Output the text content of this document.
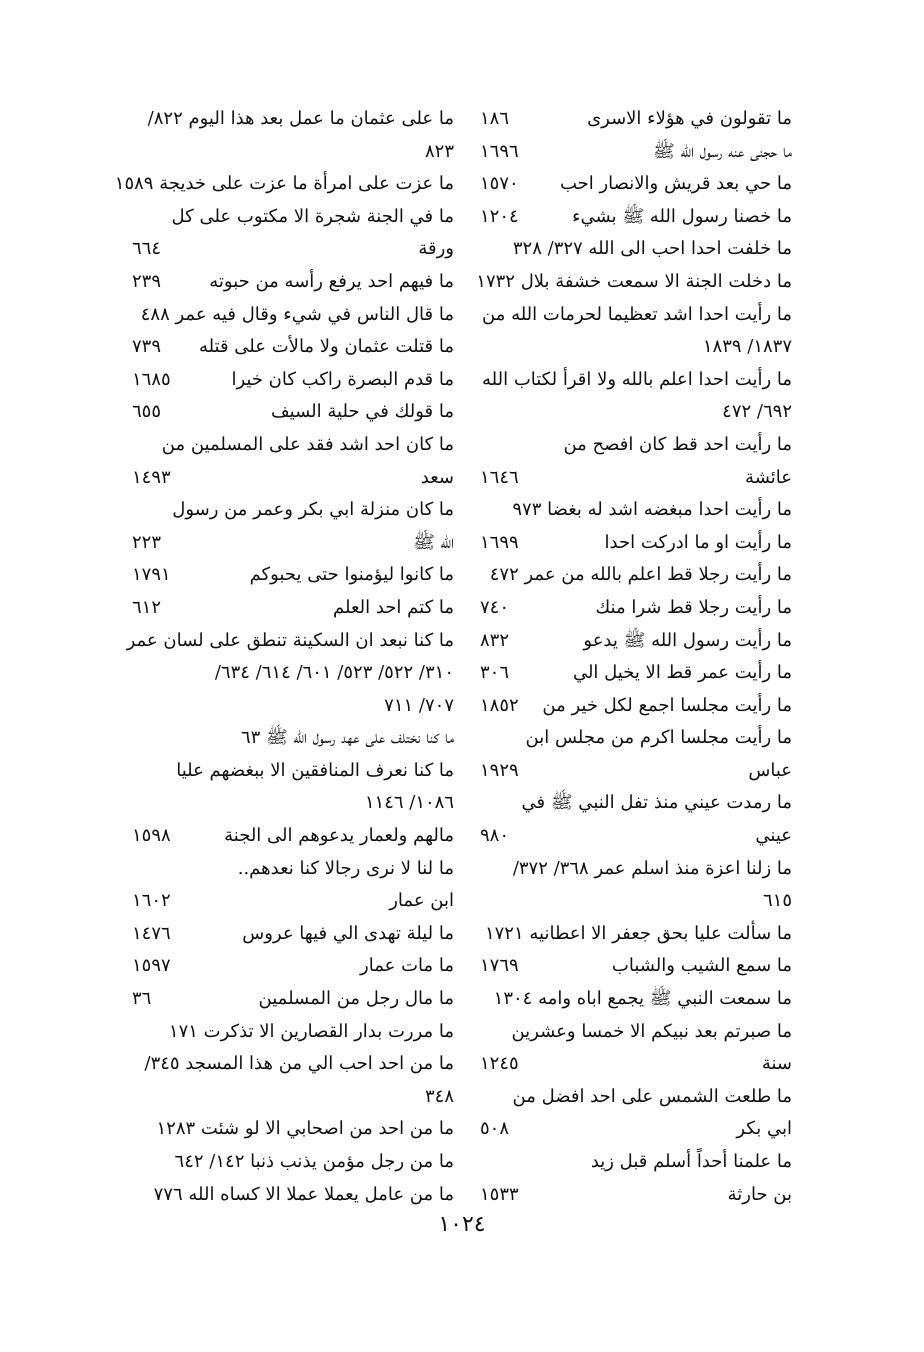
ما تقولون في هؤلاء الاسرى
١٨٦
ما حجنى عنه رسول الله ﷺ
١٦٩٦
ما حي بعد قريش والانصار احب
١٥٧٠
ما خصنا رسول الله ﷺ بشيء
١٢٠٤
ما خلفت احدا احب الى الله ٣٢٧/ ٣٢٨
ما دخلت الجنة الا سمعت خشفة بلال ١٧٣٢
ما رأيت احدا اشد تعظيما لحرمات الله من
١٨٣٧/ ١٨٣٩
ما رأيت احدا اعلم بالله ولا اقرأ لكتاب الله
٦٩٢/ ٤٧٢
ما رأيت احد قط كان افصح من
عائشة
١٦٤٦
ما رأيت احدا مبغضه اشد له بغضا ٩٧٣
ما رأيت او ما ادركت احدا
١٦٩٩
ما رأيت رجلا قط اعلم بالله من عمر ٤٧٢
ما رأيت رجلا قط شرا منك
٧٤٠
ما رأيت رسول الله ﷺ يدعو
٨٣٢
ما رأيت عمر قط الا يخيل الي
٣٠٦
ما رأيت مجلسا اجمع لكل خير من
١٨٥٢
ما رأيت مجلسا اكرم من مجلس ابن
عباس
١٩٢٩
ما رمدت عيني منذ تفل النبي ﷺ في
عيني
٩٨٠
ما زلنا اعزة منذ اسلم عمر ٣٦٨/ ٣٧٢/
٦١٥
ما سألت عليا بحق جعفر الا اعطانيه ١٧٢١
ما سمع الشيب والشباب
١٧٦٩
ما سمعت النبي ﷺ يجمع اباه وامه ١٣٠٤
ما صبرتم بعد نبيكم الا خمسا وعشرين
سنة
١٢٤٥
ما طلعت الشمس على احد افضل من
ابي بكر
٥٠٨
ما علمنا أحداً أسلم قبل زيد
بن حارثة
١٥٣٣
ما على عثمان ما عمل بعد هذا اليوم ٨٢٢/
٨٢٣
ما عزت على امرأة ما عزت على خديجة ١٥٨٩
ما في الجنة شجرة الا مكتوب على كل
ورقة
٦٦٤
ما فيهم احد يرفع رأسه من حبوته
٢٣٩
ما قال الناس في شيء وقال فيه عمر ٤٨٨
ما قتلت عثمان ولا مالأت على قتله
٧٣٩
ما قدم البصرة راكب كان خيرا
١٦٨٥
ما قولك في حلية السيف
٦٥٥
ما كان احد اشد فقد على المسلمين من
سعد
١٤٩٣
ما كان منزلة ابي بكر وعمر من رسول
الله ﷺ
٢٢٣
ما كانوا ليؤمنوا حتى يحبوكم
١٧٩١
ما كتم احد العلم
٦١٢
ما كنا نبعد ان السكينة تنطق على لسان عمر
٣١٠/ ٥٢٢/ ٥٢٣/ ٦٠١/ ٦١٤/ ٦٣٤/
٧٠٧/ ٧١١
ما كنا نختلف على عهد رسول الله ﷺ ٦٣
ما كنا نعرف المنافقين الا ببغضهم عليا
١٠٨٦/ ١١٤٦
مالهم ولعمار يدعوهم الى الجنة
١٥٩٨
ما لنا لا نرى رجالا كنا نعدهم..
ابن عمار
١٦٠٢
ما ليلة تهدى الي فيها عروس
١٤٧٦
ما مات عمار
١٥٩٧
ما مال رجل من المسلمين
٣٦
ما مررت بدار القصارين الا تذكرت ١٧١
ما من احد احب الي من هذا المسجد ٣٤٥/
٣٤٨
ما من احد من اصحابي الا لو شئت ١٢٨٣
ما من رجل مؤمن يذنب ذنبا ١٤٢/ ٦٤٢
ما من عامل يعملا عملا الا كساه الله ٧٧٦
١٠٢٤
